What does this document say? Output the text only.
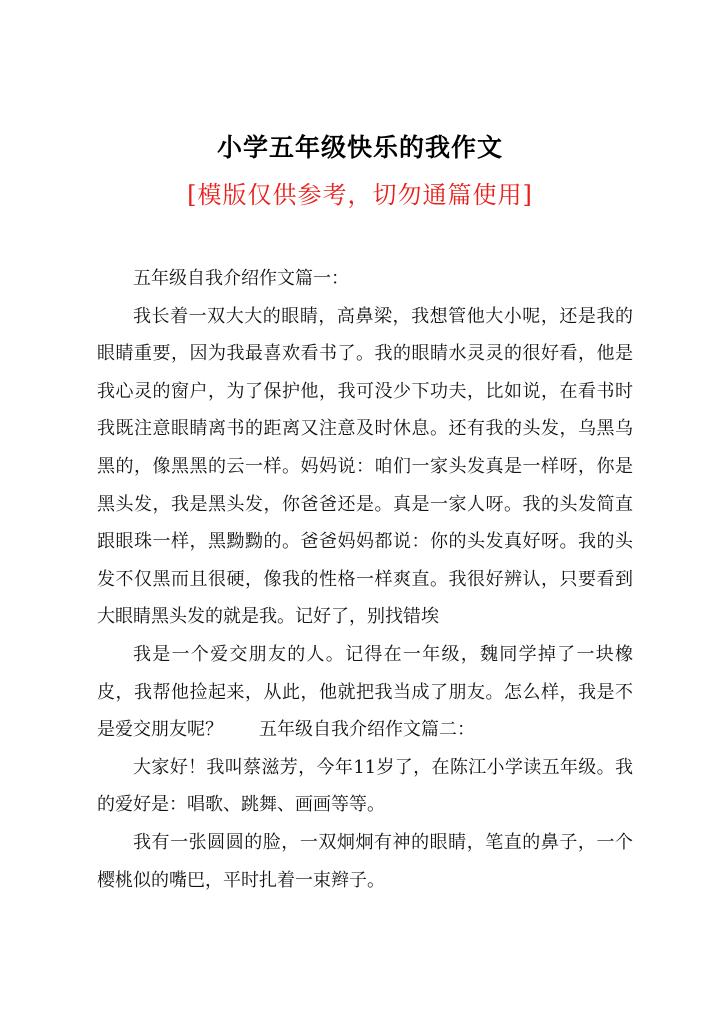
小学五年级快乐的我作文
[模版仅供参考，切勿通篇使用]

五年级自我介绍作文篇一：

我长着一双大大的眼睛，高鼻梁，我想管他大小呢，还是我的眼睛重要，因为我最喜欢看书了。我的眼睛水灵灵的很好看，他是我心灵的窗户，为了保护他，我可没少下功夫，比如说，在看书时我既注意眼睛离书的距离又注意及时休息。还有我的头发，乌黑乌黑的，像黑黑的云一样。妈妈说：咱们一家头发真是一样呀，你是黑头发，我是黑头发，你爸爸还是。真是一家人呀。我的头发简直跟眼珠一样，黑黝黝的。爸爸妈妈都说：你的头发真好呀。我的头发不仅黑而且很硬，像我的性格一样爽直。我很好辨认，只要看到大眼睛黑头发的就是我。记好了，别找错埃

我是一个爱交朋友的人。记得在一年级，魏同学掉了一块橡皮，我帮他捡起来，从此，他就把我当成了朋友。怎么样，我是不是爱交朋友呢？　　五年级自我介绍作文篇二：

大家好！我叫蔡滋芳，今年11岁了，在陈江小学读五年级。我的爱好是：唱歌、跳舞、画画等等。

我有一张圆圆的脸，一双炯炯有神的眼睛，笔直的鼻子，一个樱桃似的嘴巴，平时扎着一束辫子。
